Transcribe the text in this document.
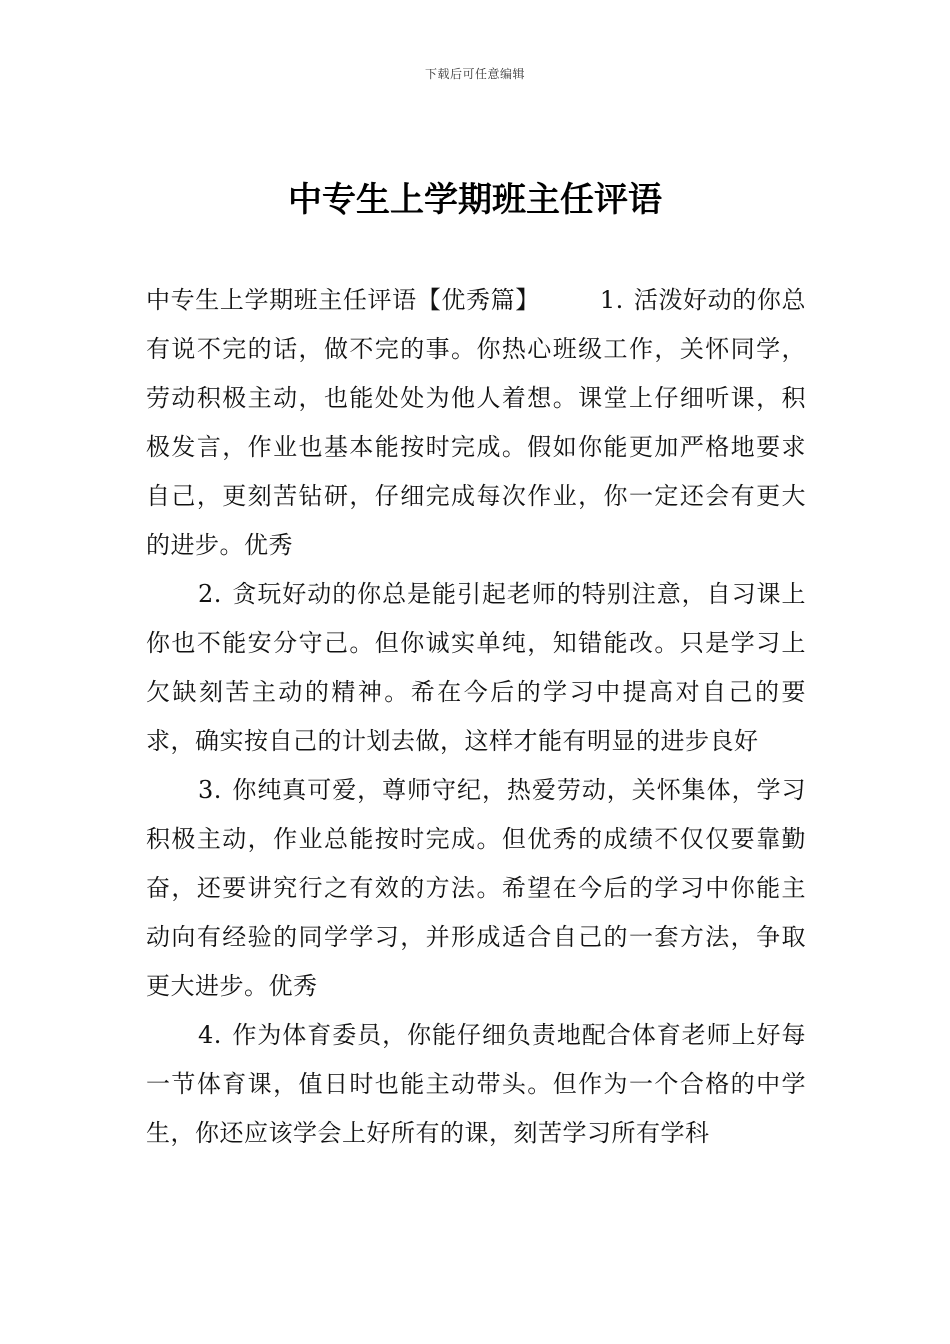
下载后可任意编辑
中专生上学期班主任评语

中专生上学期班主任评语【优秀篇】	1. 活泼好动的你总有说不完的话，做不完的事。你热心班级工作，关怀同学，劳动积极主动，也能处处为他人着想。课堂上仔细听课，积极发言，作业也基本能按时完成。假如你能更加严格地要求自己，更刻苦钻研，仔细完成每次作业，你一定还会有更大的进步。优秀

2. 贪玩好动的你总是能引起老师的特别注意，自习课上你也不能安分守己。但你诚实单纯，知错能改。只是学习上欠缺刻苦主动的精神。希在今后的学习中提高对自己的要求，确实按自己的计划去做，这样才能有明显的进步良好

3. 你纯真可爱，尊师守纪，热爱劳动，关怀集体，学习积极主动，作业总能按时完成。但优秀的成绩不仅仅要靠勤奋，还要讲究行之有效的方法。希望在今后的学习中你能主动向有经验的同学学习，并形成适合自己的一套方法，争取更大进步。优秀

4. 作为体育委员，你能仔细负责地配合体育老师上好每一节体育课，值日时也能主动带头。但作为一个合格的中学生，你还应该学会上好所有的课，刻苦学习所有学科
